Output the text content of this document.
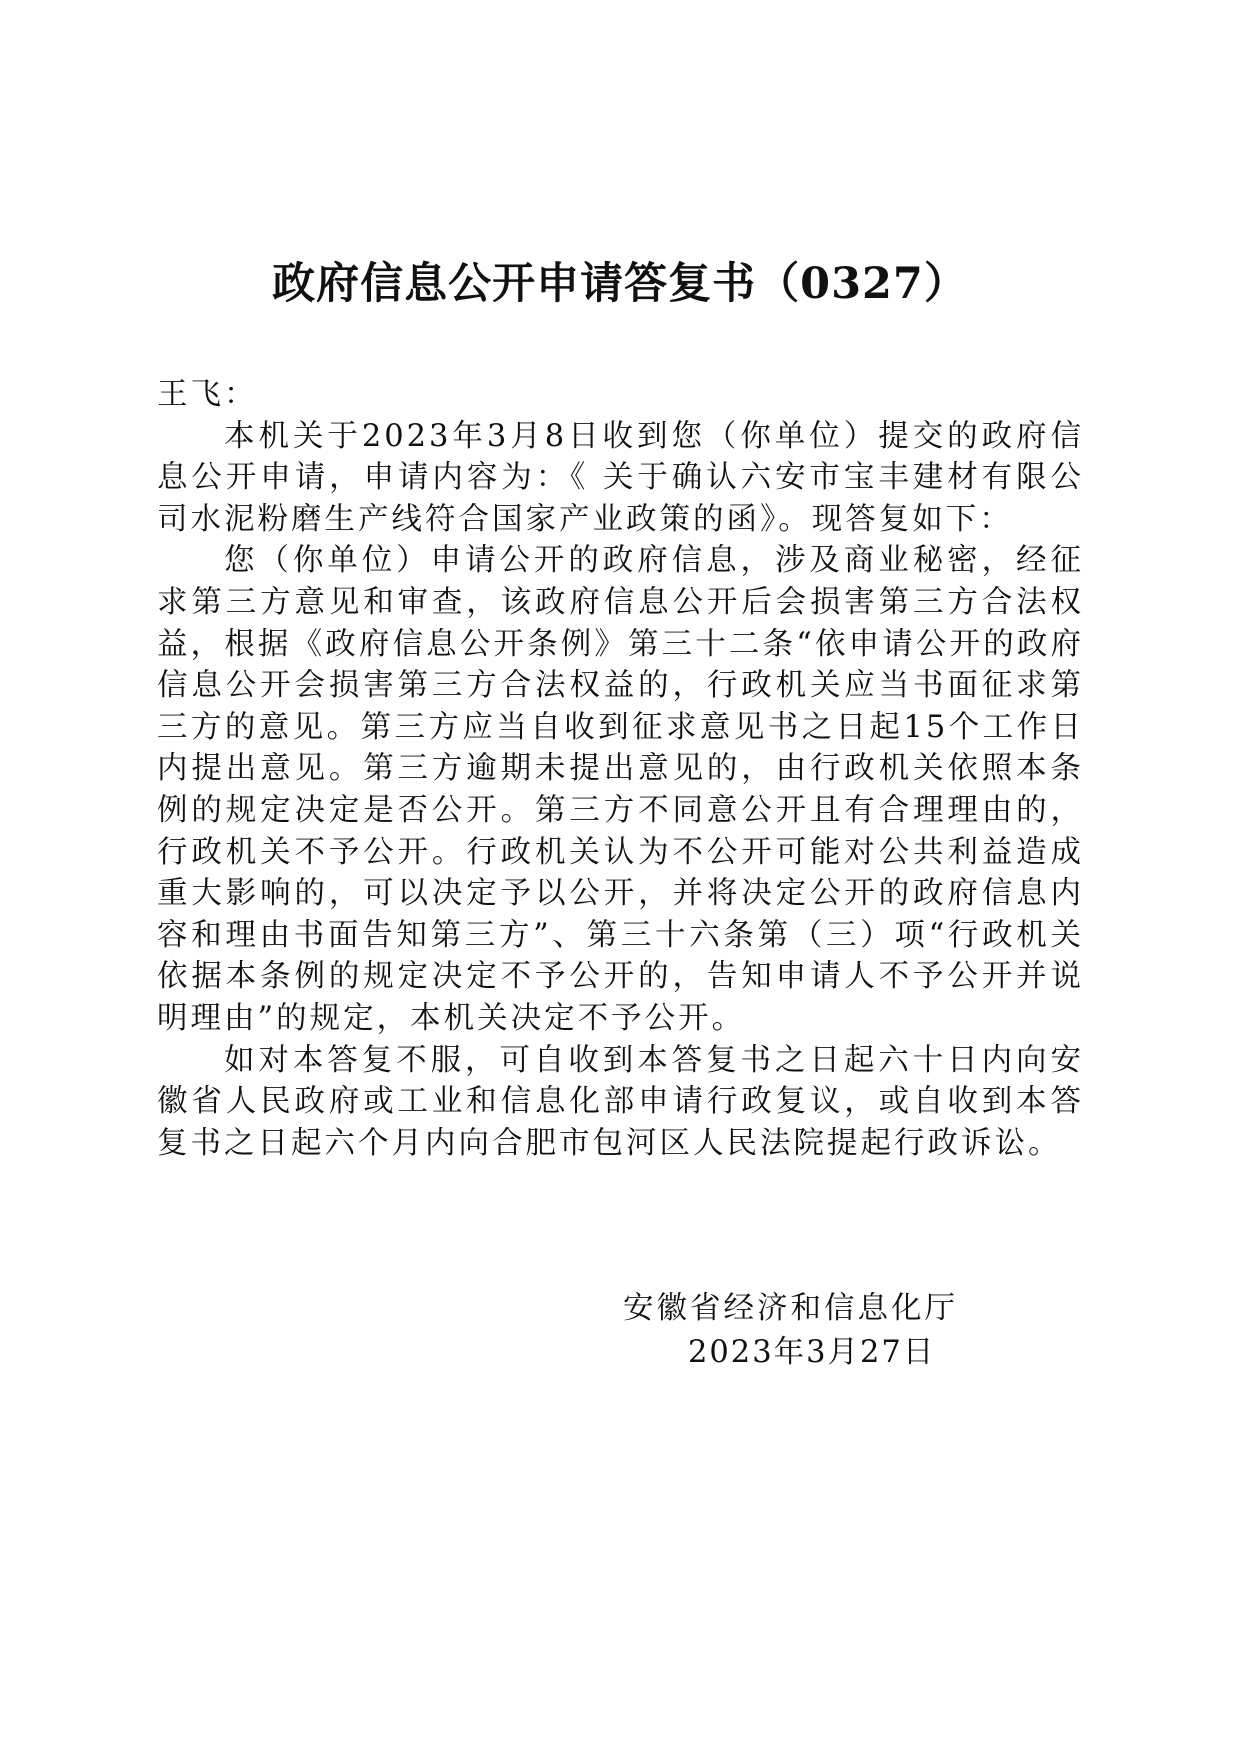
政府信息公开申请答复书（0327）

王飞：

本机关于2023年3月8日收到您（你单位）提交的政府信息公开申请，申请内容为：《 关于确认六安市宝丰建材有限公司水泥粉磨生产线符合国家产业政策的函》。现答复如下：

您（你单位）申请公开的政府信息，涉及商业秘密，经征求第三方意见和审查，该政府信息公开后会损害第三方合法权益，根据《政府信息公开条例》第三十二条“依申请公开的政府信息公开会损害第三方合法权益的，行政机关应当书面征求第三方的意见。第三方应当自收到征求意见书之日起15个工作日内提出意见。第三方逾期未提出意见的，由行政机关依照本条例的规定决定是否公开。第三方不同意公开且有合理理由的，行政机关不予公开。行政机关认为不公开可能对公共利益造成重大影响的，可以决定予以公开，并将决定公开的政府信息内容和理由书面告知第三方”、第三十六条第（三）项“行政机关依据本条例的规定决定不予公开的，告知申请人不予公开并说明理由”的规定，本机关决定不予公开。

如对本答复不服，可自收到本答复书之日起六十日内向安徽省人民政府或工业和信息化部申请行政复议，或自收到本答复书之日起六个月内向合肥市包河区人民法院提起行政诉讼。

安徽省经济和信息化厅
2023年3月27日
